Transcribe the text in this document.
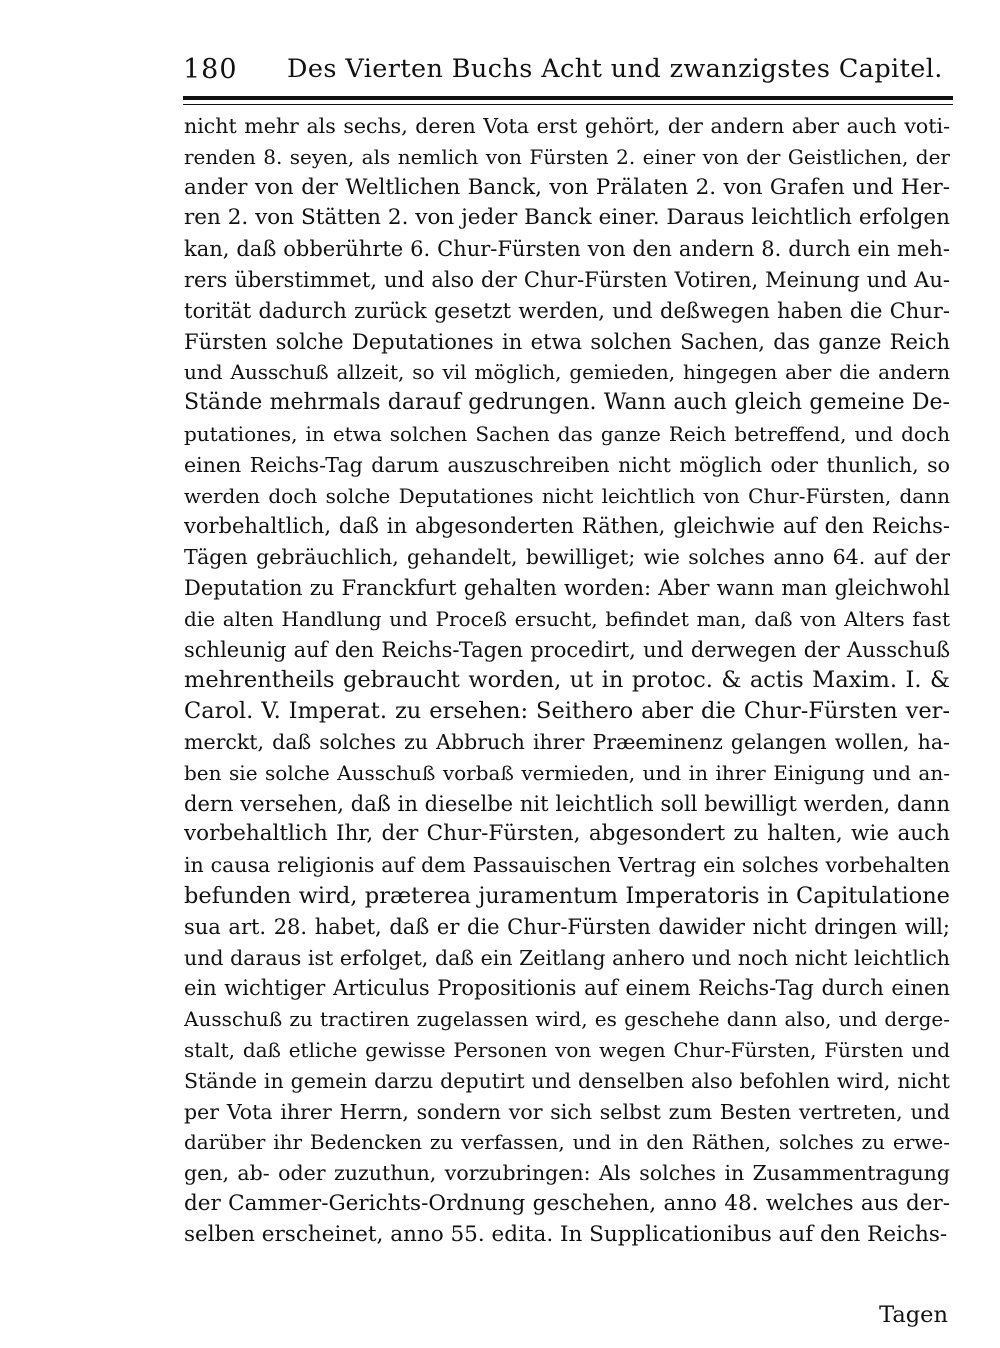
180 Des Vierten Buchs Acht und zwanzigstes Capitel.
nicht mehr als sechs, deren Vota erst gehört, der andern aber auch voti-
renden 8. seyen, als nemlich von Fürsten 2. einer von der Geistlichen, der
ander von der Weltlichen Banck, von Prälaten 2. von Grafen und Her-
ren 2. von Stätten 2. von jeder Banck einer. Daraus leichtlich erfolgen
kan, daß obberührte 6. Chur-Fürsten von den andern 8. durch ein meh-
rers überstimmet, und also der Chur-Fürsten Votiren, Meinung und Au-
torität dadurch zurück gesetzt werden, und deßwegen haben die Chur-
Fürsten solche Deputationes in etwa solchen Sachen, das ganze Reich
und Ausschuß allzeit, so vil möglich, gemieden, hingegen aber die andern
Stände mehrmals darauf gedrungen. Wann auch gleich gemeine De-
putationes, in etwa solchen Sachen das ganze Reich betreffend, und doch
einen Reichs-Tag darum auszuschreiben nicht möglich oder thunlich, so
werden doch solche Deputationes nicht leichtlich von Chur-Fürsten, dann
vorbehaltlich, daß in abgesonderten Räthen, gleichwie auf den Reichs-
Tägen gebräuchlich, gehandelt, bewilliget; wie solches anno 64. auf der
Deputation zu Franckfurt gehalten worden: Aber wann man gleichwohl
die alten Handlung und Proceß ersucht, befindet man, daß von Alters fast
schleunig auf den Reichs-Tagen procedirt, und derwegen der Ausschuß
mehrentheils gebraucht worden, ut in protoc. & actis Maxim. I. &
Carol. V. Imperat. zu ersehen: Seithero aber die Chur-Fürsten ver-
merckt, daß solches zu Abbruch ihrer Præeminenz gelangen wollen, ha-
ben sie solche Ausschuß vorbaß vermieden, und in ihrer Einigung und an-
dern versehen, daß in dieselbe nit leichtlich soll bewilligt werden, dann
vorbehaltlich Ihr, der Chur-Fürsten, abgesondert zu halten, wie auch
in causa religionis auf dem Passauischen Vertrag ein solches vorbehalten
befunden wird, præterea juramentum Imperatoris in Capitulatione
sua art. 28. habet, daß er die Chur-Fürsten dawider nicht dringen will;
und daraus ist erfolget, daß ein Zeitlang anhero und noch nicht leichtlich
ein wichtiger Articulus Propositionis auf einem Reichs-Tag durch einen
Ausschuß zu tractiren zugelassen wird, es geschehe dann also, und derge-
stalt, daß etliche gewisse Personen von wegen Chur-Fürsten, Fürsten und
Stände in gemein darzu deputirt und denselben also befohlen wird, nicht
per Vota ihrer Herrn, sondern vor sich selbst zum Besten vertreten, und
darüber ihr Bedencken zu verfassen, und in den Räthen, solches zu erwe-
gen, ab- oder zuzuthun, vorzubringen: Als solches in Zusammentragung
der Cammer-Gerichts-Ordnung geschehen, anno 48. welches aus der-
selben erscheinet, anno 55. edita. In Supplicationibus auf den Reichs-
Tagen
